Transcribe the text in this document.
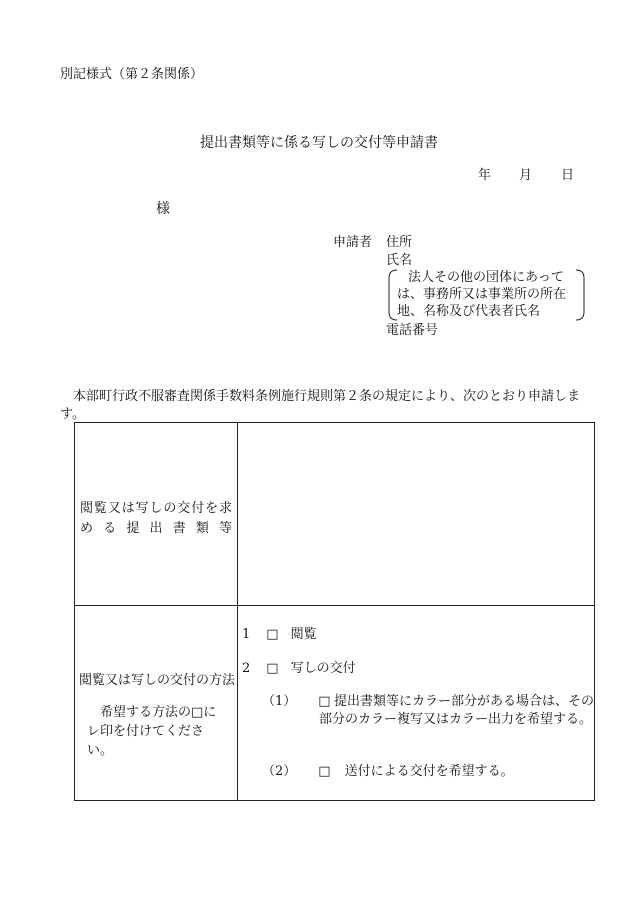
別記様式（第２条関係）
提出書類等に係る写しの交付等申請書
年 月 日
様
申請者 住所
氏名
法人その他の団体にあって
は、事務所又は事業所の所在
地、名称及び代表者氏名
電話番号
本部町行政不服審査関係手数料条例施行規則第２条の規定により、次のとおり申請します。
閲覧又は写しの交付を求める提出書類等
閲覧又は写しの交付の方法
希望する方法の□にレ印を付けてください。
1 □ 閲覧
2 □ 写しの交付
（1） □ 提出書類等にカラー部分がある場合は、その部分のカラー複写又はカラー出力を希望する。
（2） □ 送付による交付を希望する。
